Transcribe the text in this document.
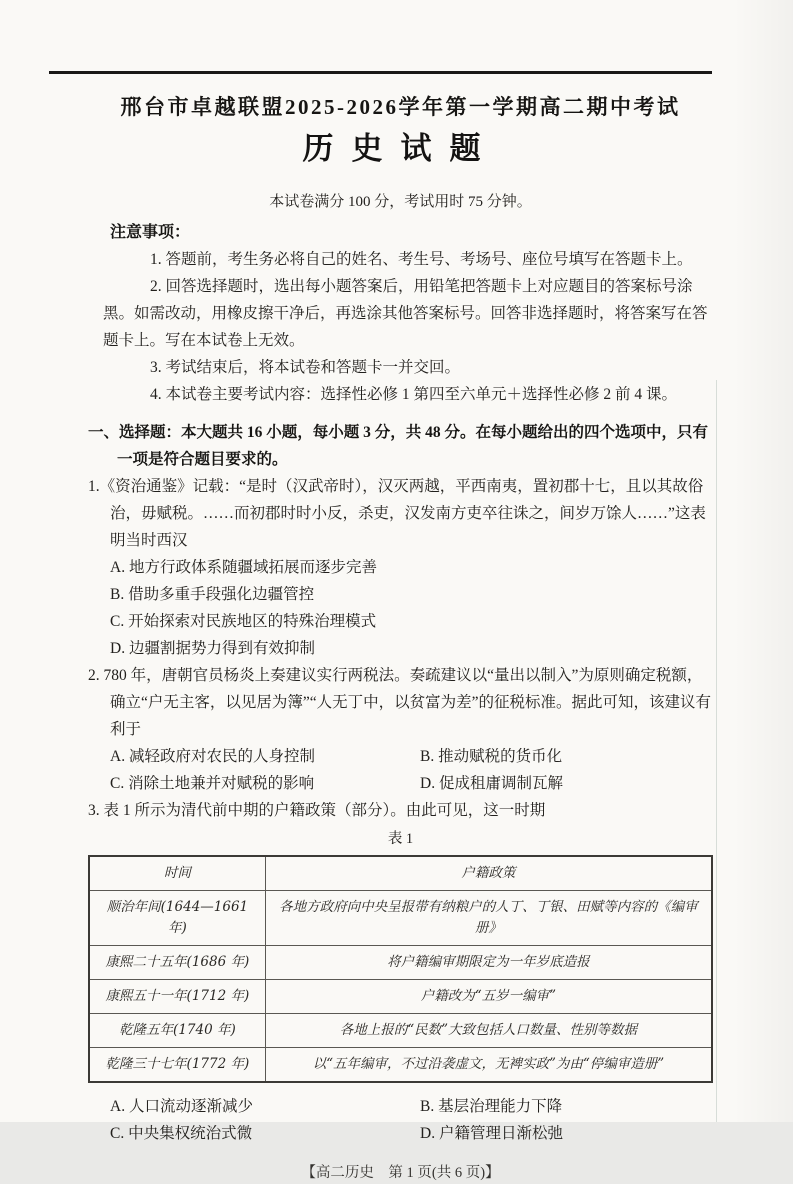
邢台市卓越联盟2025-2026学年第一学期高二期中考试
历史试题

本试卷满分 100 分，考试用时 75 分钟。

注意事项：

1. 答题前，考生务必将自己的姓名、考生号、考场号、座位号填写在答题卡上。

2. 回答选择题时，选出每小题答案后，用铅笔把答题卡上对应题目的答案标号涂黑。如需改动，用橡皮擦干净后，再选涂其他答案标号。回答非选择题时，将答案写在答题卡上。写在本试卷上无效。

3. 考试结束后，将本试卷和答题卡一并交回。

4. 本试卷主要考试内容：选择性必修 1 第四至六单元＋选择性必修 2 前 4 课。

一、选择题：本大题共 16 小题，每小题 3 分，共 48 分。在每小题给出的四个选项中，只有一项是符合题目要求的。

1.《资治通鉴》记载：“是时（汉武帝时），汉灭两越，平西南夷，置初郡十七，且以其故俗治，毋赋税。……而初郡时时小反，杀吏，汉发南方吏卒往诛之，间岁万馀人……”这表明当时西汉

A. 地方行政体系随疆域拓展而逐步完善
B. 借助多重手段强化边疆管控
C. 开始探索对民族地区的特殊治理模式
D. 边疆割据势力得到有效抑制

2. 780 年，唐朝官员杨炎上奏建议实行两税法。奏疏建议以“量出以制入”为原则确定税额，确立“户无主客，以见居为簿”“人无丁中，以贫富为差”的征税标准。据此可知，该建议有利于

A. 减轻政府对农民的人身控制	B. 推动赋税的货币化
C. 消除土地兼并对赋税的影响	D. 促成租庸调制瓦解

3. 表 1 所示为清代前中期的户籍政策（部分）。由此可见，这一时期

表 1
时间	户籍政策
顺治年间(1644—1661 年)	各地方政府向中央呈报带有纳粮户的人丁、丁银、田赋等内容的《编审册》
康熙二十五年(1686 年)	将户籍编审期限定为一年岁底造报
康熙五十一年(1712 年)	户籍改为“五岁一编审”
乾隆五年(1740 年)	各地上报的“民数”大致包括人口数量、性别等数据
乾隆三十七年(1772 年)	以“五年编审，不过沿袭虚文，无裨实政”为由“停编审造册”
A. 人口流动逐渐减少	B. 基层治理能力下降
C. 中央集权统治式微	D. 户籍管理日渐松弛
【高二历史　第 1 页(共 6 页)】
